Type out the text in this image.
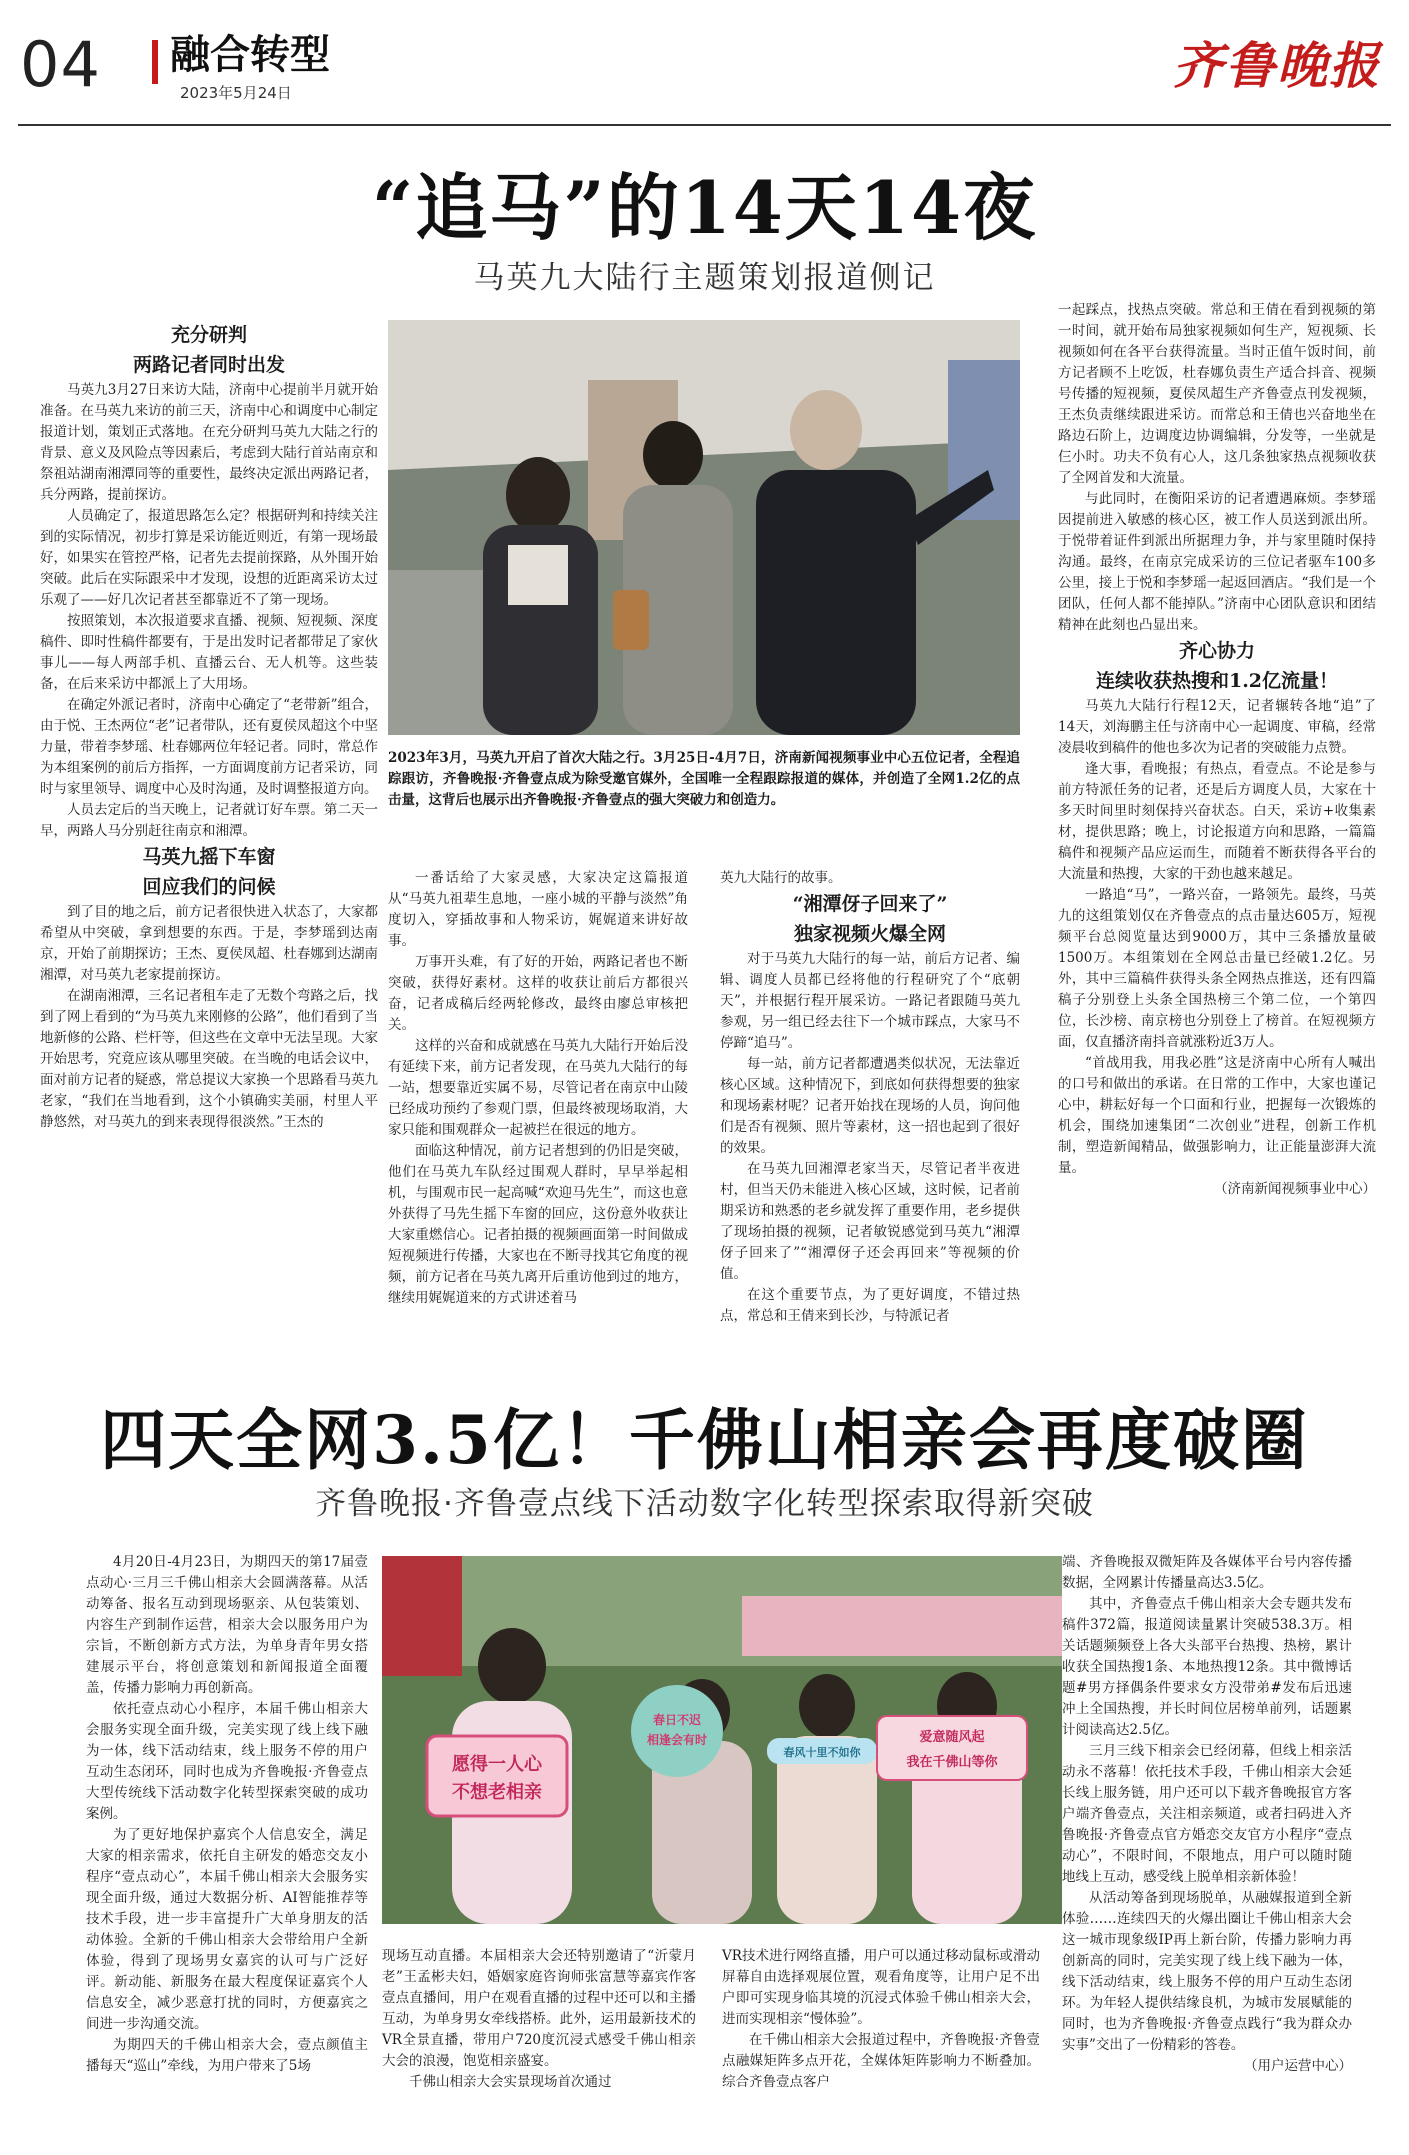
04 融合转型
2023年5月24日	齐鲁晚报
“追马”的14天14夜
马英九大陆行主题策划报道侧记

充分研判
两路记者同时出发

马英九3月27日来访大陆，济南中心提前半月就开始准备。在马英九来访的前三天，济南中心和调度中心制定报道计划，策划正式落地。在充分研判马英九大陆之行的背景、意义及风险点等因素后，考虑到大陆行首站南京和祭祖站湖南湘潭同等的重要性，最终决定派出两路记者，兵分两路，提前探访。

人员确定了，报道思路怎么定？根据研判和持续关注到的实际情况，初步打算是采访能近则近，有第一现场最好，如果实在管控严格，记者先去提前探路，从外围开始突破。此后在实际跟采中才发现，设想的近距离采访太过乐观了——好几次记者甚至都靠近不了第一现场。

按照策划，本次报道要求直播、视频、短视频、深度稿件、即时性稿件都要有，于是出发时记者都带足了家伙事儿——每人两部手机、直播云台、无人机等。这些装备，在后来采访中都派上了大用场。

在确定外派记者时，济南中心确定了“老带新”组合，由于悦、王杰两位“老”记者带队，还有夏侯凤超这个中坚力量，带着李梦瑶、杜春娜两位年轻记者。同时，常总作为本组案例的前后方指挥，一方面调度前方记者采访，同时与家里领导、调度中心及时沟通，及时调整报道方向。

人员去定后的当天晚上，记者就订好车票。第二天一早，两路人马分别赶往南京和湘潭。

马英九摇下车窗
回应我们的问候

到了目的地之后，前方记者很快进入状态了，大家都希望从中突破，拿到想要的东西。于是，李梦瑶到达南京，开始了前期探访；王杰、夏侯凤超、杜春娜到达湖南湘潭，对马英九老家提前探访。

在湖南湘潭，三名记者租车走了无数个弯路之后，找到了网上看到的“为马英九来刚修的公路”，他们看到了当地新修的公路、栏杆等，但这些在文章中无法呈现。大家开始思考，究竟应该从哪里突破。在当晚的电话会议中，面对前方记者的疑惑，常总提议大家换一个思路看马英九老家，“我们在当地看到，这个小镇确实美丽，村里人平静悠然，对马英九的到来表现得很淡然。”王杰的

2023年3月，马英九开启了首次大陆之行。3月25日-4月7日，济南新闻视频事业中心五位记者，全程追踪跟访，齐鲁晚报·齐鲁壹点成为除受邀官媒外，全国唯一全程跟踪报道的媒体，并创造了全网1.2亿的点击量，这背后也展示出齐鲁晚报·齐鲁壹点的强大突破力和创造力。

一番话给了大家灵感，大家决定这篇报道从“马英九祖辈生息地，一座小城的平静与淡然”角度切入，穿插故事和人物采访，娓娓道来讲好故事。

万事开头难，有了好的开始，两路记者也不断突破，获得好素材。这样的收获让前后方都很兴奋，记者成稿后经两轮修改，最终由廖总审核把关。

这样的兴奋和成就感在马英九大陆行开始后没有延续下来，前方记者发现，在马英九大陆行的每一站，想要靠近实属不易，尽管记者在南京中山陵已经成功预约了参观门票，但最终被现场取消，大家只能和围观群众一起被拦在很远的地方。

面临这种情况，前方记者想到的仍旧是突破，他们在马英九车队经过围观人群时，早早举起相机，与围观市民一起高喊“欢迎马先生”，而这也意外获得了马先生摇下车窗的回应，这份意外收获让大家重燃信心。记者拍摄的视频画面第一时间做成短视频进行传播，大家也在不断寻找其它角度的视频，前方记者在马英九离开后重访他到过的地方，继续用娓娓道来的方式讲述着马

英九大陆行的故事。

“湘潭伢子回来了”
独家视频火爆全网

对于马英九大陆行的每一站，前后方记者、编辑、调度人员都已经将他的行程研究了个“底朝天”，并根据行程开展采访。一路记者跟随马英九参观，另一组已经去往下一个城市踩点，大家马不停蹄“追马”。

每一站，前方记者都遭遇类似状况，无法靠近核心区域。这种情况下，到底如何获得想要的独家和现场素材呢？记者开始找在现场的人员，询问他们是否有视频、照片等素材，这一招也起到了很好的效果。

在马英九回湘潭老家当天，尽管记者半夜进村，但当天仍未能进入核心区域，这时候，记者前期采访和熟悉的老乡就发挥了重要作用，老乡提供了现场拍摄的视频，记者敏锐感觉到马英九“湘潭伢子回来了”“湘潭伢子还会再回来”等视频的价值。

在这个重要节点，为了更好调度，不错过热点，常总和王倩来到长沙，与特派记者

一起踩点，找热点突破。常总和王倩在看到视频的第一时间，就开始布局独家视频如何生产，短视频、长视频如何在各平台获得流量。当时正值午饭时间，前方记者顾不上吃饭，杜春娜负责生产适合抖音、视频号传播的短视频，夏侯凤超生产齐鲁壹点刊发视频，王杰负责继续跟进采访。而常总和王倩也兴奋地坐在路边石阶上，边调度边协调编辑，分发等，一坐就是仨小时。功夫不负有心人，这几条独家热点视频收获了全网首发和大流量。

与此同时，在衡阳采访的记者遭遇麻烦。李梦瑶因提前进入敏感的核心区，被工作人员送到派出所。于悦带着证件到派出所据理力争，并与家里随时保持沟通。最终，在南京完成采访的三位记者驱车100多公里，接上于悦和李梦瑶一起返回酒店。“我们是一个团队，任何人都不能掉队。”济南中心团队意识和团结精神在此刻也凸显出来。

齐心协力
连续收获热搜和1.2亿流量！

马英九大陆行行程12天，记者辗转各地“追”了14天，刘海鹏主任与济南中心一起调度、审稿，经常凌晨收到稿件的他也多次为记者的突破能力点赞。

逢大事，看晚报；有热点，看壹点。不论是参与前方特派任务的记者，还是后方调度人员，大家在十多天时间里时刻保持兴奋状态。白天，采访+收集素材，提供思路；晚上，讨论报道方向和思路，一篇篇稿件和视频产品应运而生，而随着不断获得各平台的大流量和热搜，大家的干劲也越来越足。

一路追“马”，一路兴奋，一路领先。最终，马英九的这组策划仅在齐鲁壹点的点击量达605万，短视频平台总阅览量达到9000万，其中三条播放量破1500万。本组策划在全网总击量已经破1.2亿。另外，其中三篇稿件获得头条全网热点推送，还有四篇稿子分别登上头条全国热榜三个第二位，一个第四位，长沙榜、南京榜也分别登上了榜首。在短视频方面，仅直播济南抖音就涨粉近3万人。

“首战用我，用我必胜”这是济南中心所有人喊出的口号和做出的承诺。在日常的工作中，大家也谨记心中，耕耘好每一个口面和行业，把握每一次锻炼的机会，围绕加速集团“二次创业”进程，创新工作机制，塑造新闻精品，做强影响力，让正能量澎湃大流量。

（济南新闻视频事业中心）

四天全网3.5亿！千佛山相亲会再度破圈
齐鲁晚报·齐鲁壹点线下活动数字化转型探索取得新突破

4月20日-4月23日，为期四天的第17届壹点动心·三月三千佛山相亲大会圆满落幕。从活动筹备、报名互动到现场驱亲、从包装策划、内容生产到制作运营，相亲大会以服务用户为宗旨，不断创新方式方法，为单身青年男女搭建展示平台，将创意策划和新闻报道全面覆盖，传播力影响力再创新高。

依托壹点动心小程序，本届千佛山相亲大会服务实现全面升级，完美实现了线上线下融为一体，线下活动结束，线上服务不停的用户互动生态闭环，同时也成为齐鲁晚报·齐鲁壹点大型传统线下活动数字化转型探索突破的成功案例。

为了更好地保护嘉宾个人信息安全，满足大家的相亲需求，依托自主研发的婚恋交友小程序“壹点动心”，本届千佛山相亲大会服务实现全面升级，通过大数据分析、AI智能推荐等技术手段，进一步丰富提升广大单身朋友的活动体验。全新的千佛山相亲大会带给用户全新体验，得到了现场男女嘉宾的认可与广泛好评。新动能、新服务在最大程度保证嘉宾个人信息安全，减少恶意打扰的同时，方便嘉宾之间进一步沟通交流。

为期四天的千佛山相亲大会，壹点颜值主播每天“巡山”牵线，为用户带来了5场

愿得一人心
不想老相亲
春日不迟
相逢会有时
春风十里不如你
爱意随风起
我在千佛山等你

现场互动直播。本届相亲大会还特别邀请了“沂蒙月老”王孟彬夫妇，婚姻家庭咨询师张富慧等嘉宾作客壹点直播间，用户在观看直播的过程中还可以和主播互动，为单身男女牵线搭桥。此外，运用最新技术的VR全景直播，带用户720度沉浸式感受千佛山相亲大会的浪漫，饱览相亲盛宴。

千佛山相亲大会实景现场首次通过

VR技术进行网络直播，用户可以通过移动鼠标或滑动屏幕自由选择观展位置，观看角度等，让用户足不出户即可实现身临其境的沉浸式体验千佛山相亲大会，进而实现相亲“慢体验”。

在千佛山相亲大会报道过程中，齐鲁晚报·齐鲁壹点融媒矩阵多点开花，全媒体矩阵影响力不断叠加。综合齐鲁壹点客户

端、齐鲁晚报双微矩阵及各媒体平台号内容传播数据，全网累计传播量高达3.5亿。

其中，齐鲁壹点千佛山相亲大会专题共发布稿件372篇，报道阅读量累计突破538.3万。相关话题频频登上各大头部平台热搜、热榜，累计收获全国热搜1条、本地热搜12条。其中微博话题#男方择偶条件要求女方没带弟#发布后迅速冲上全国热搜，并长时间位居榜单前列，话题累计阅读高达2.5亿。

三月三线下相亲会已经闭幕，但线上相亲活动永不落幕！依托技术手段，千佛山相亲大会延长线上服务链，用户还可以下载齐鲁晚报官方客户端齐鲁壹点，关注相亲频道，或者扫码进入齐鲁晚报·齐鲁壹点官方婚恋交友官方小程序“壹点动心”，不限时间，不限地点，用户可以随时随地线上互动，感受线上脱单相亲新体验！

从活动筹备到现场脱单，从融媒报道到全新体验……连续四天的火爆出圈让千佛山相亲大会这一城市现象级IP再上新台阶，传播力影响力再创新高的同时，完美实现了线上线下融为一体，线下活动结束，线上服务不停的用户互动生态闭环。为年轻人提供结缘良机，为城市发展赋能的同时，也为齐鲁晚报·齐鲁壹点践行“我为群众办实事”交出了一份精彩的答卷。

（用户运营中心）
